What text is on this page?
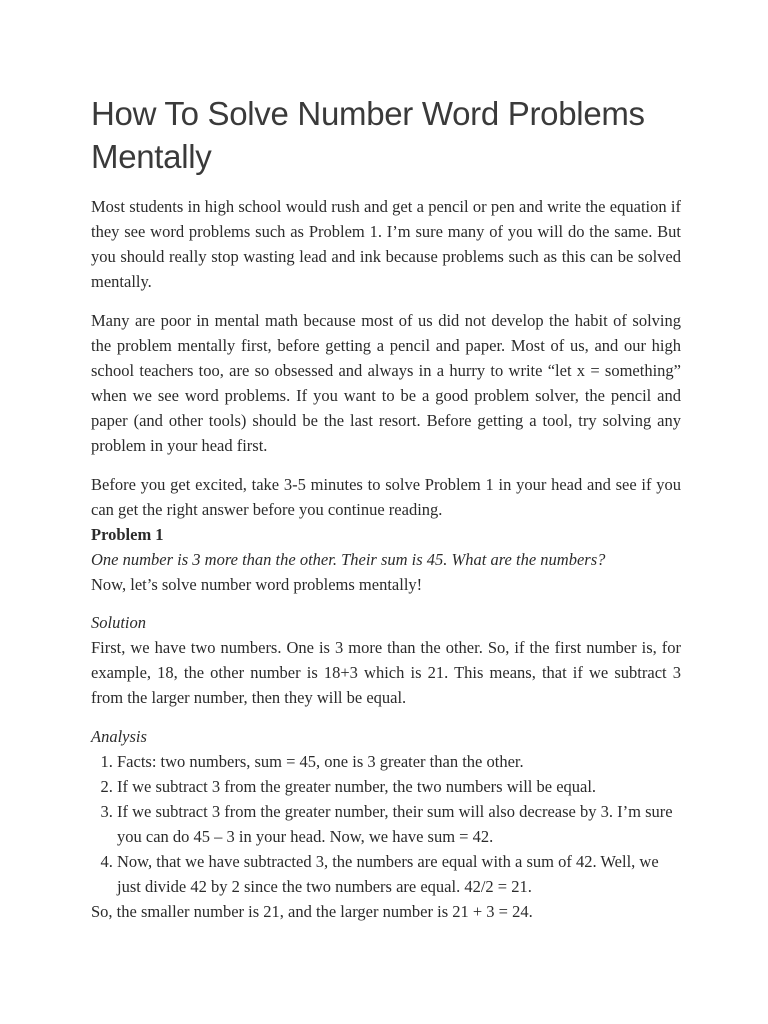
How To Solve Number Word Problems Mentally

Most students in high school would rush and get a pencil or pen and write the equation if they see word problems such as Problem 1. I’m sure many of you will do the same. But you should really stop wasting lead and ink because problems such as this can be solved mentally.

Many are poor in mental math because most of us did not develop the habit of solving the problem mentally first, before getting a pencil and paper. Most of us, and our high school teachers too, are so obsessed and always in a hurry to write “let x = something” when we see word problems. If you want to be a good problem solver, the pencil and paper (and other tools) should be the last resort. Before getting a tool, try solving any problem in your head first.

Before you get excited, take 3-5 minutes to solve Problem 1 in your head and see if you can get the right answer before you continue reading.

Problem 1
One number is 3 more than the other. Their sum is 45. What are the numbers?
Now, let’s solve number word problems mentally!
Solution

First, we have two numbers. One is 3 more than the other. So, if the first number is, for example, 18, the other number is 18+3 which is 21. This means, that if we subtract 3 from the larger number, then they will be equal.

Analysis
1. Facts: two numbers, sum = 45, one is 3 greater than the other.
2. If we subtract 3 from the greater number, the two numbers will be equal.
3. If we subtract 3 from the greater number, their sum will also decrease by 3. I’m sure you can do 45 – 3 in your head. Now, we have sum = 42.
4. Now, that we have subtracted 3, the numbers are equal with a sum of 42. Well, we just divide 42 by 2 since the two numbers are equal. 42/2 = 21.
So, the smaller number is 21, and the larger number is 21 + 3 = 24.
